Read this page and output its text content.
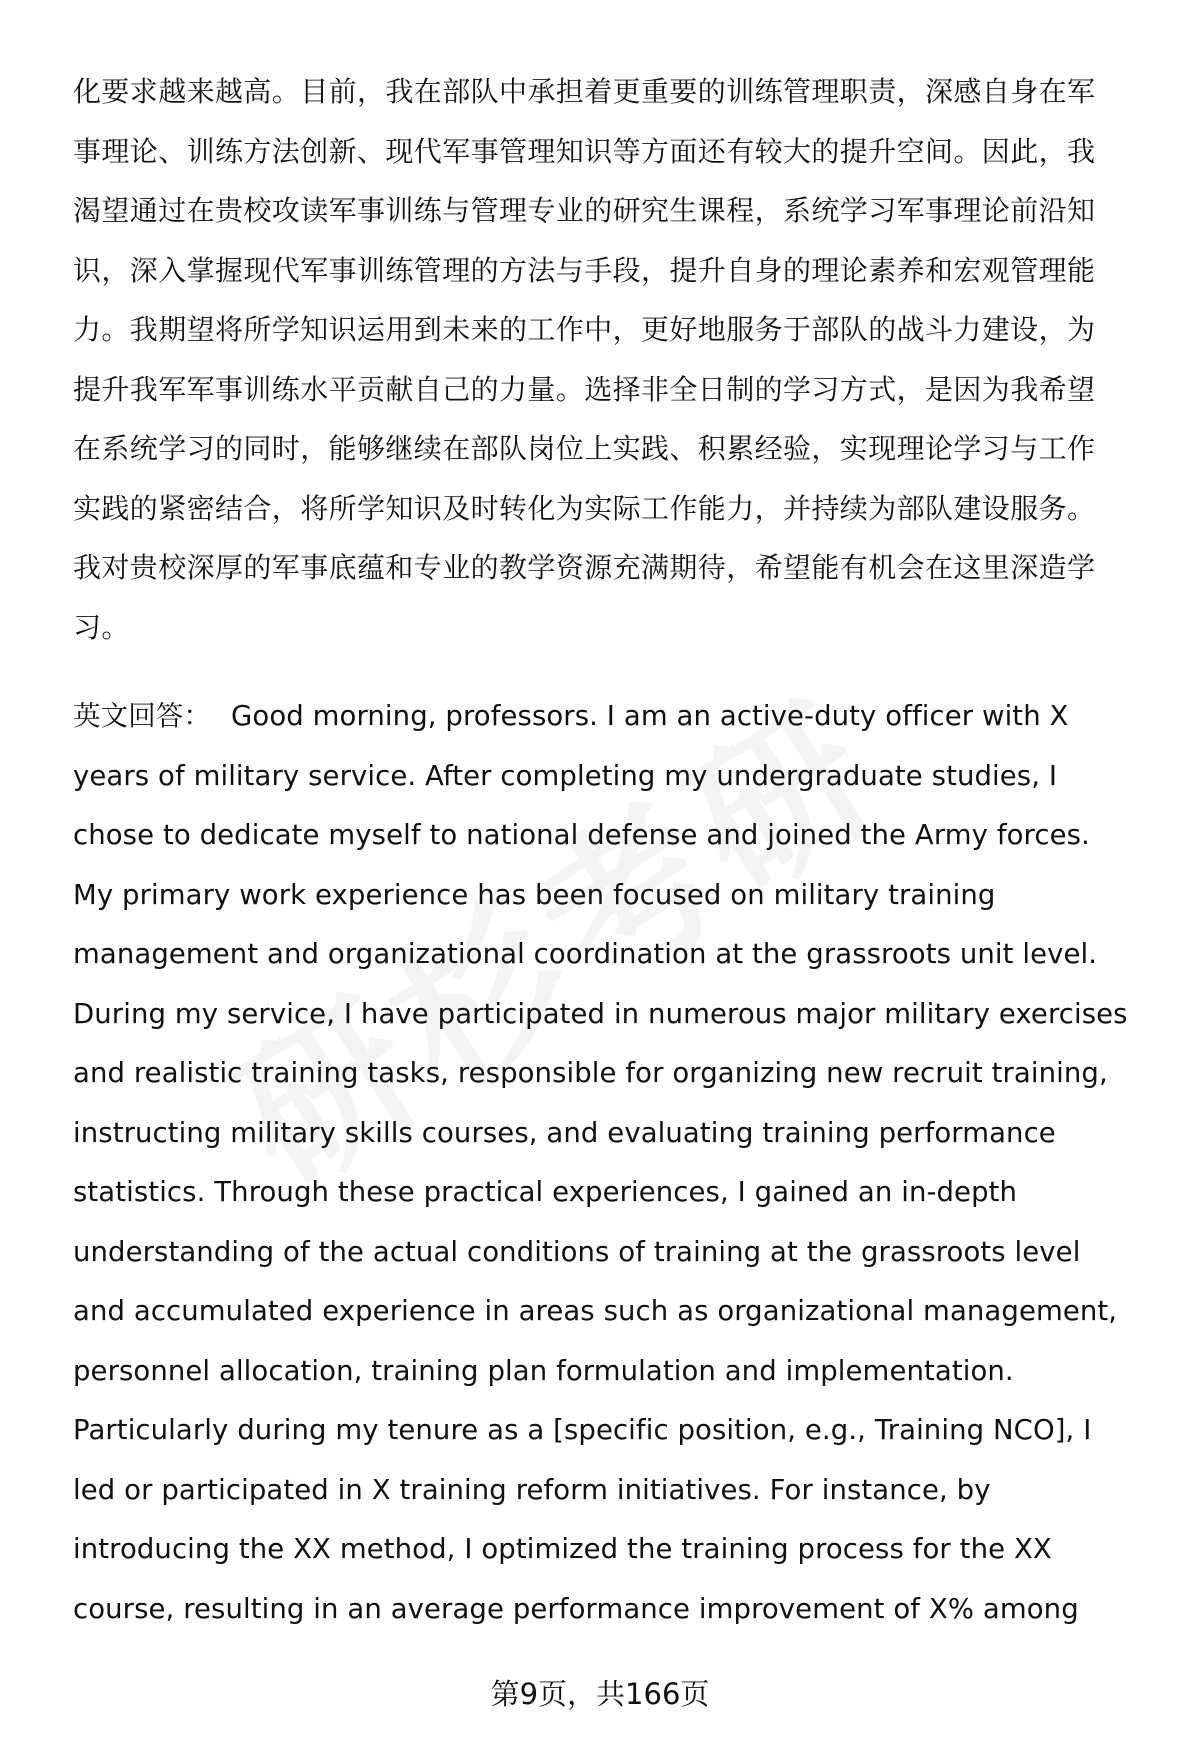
化要求越来越高。目前，我在部队中承担着更重要的训练管理职责，深感自身在军
事理论、训练方法创新、现代军事管理知识等方面还有较大的提升空间。因此，我
渴望通过在贵校攻读军事训练与管理专业的研究生课程，系统学习军事理论前沿知
识，深入掌握现代军事训练管理的方法与手段，提升自身的理论素养和宏观管理能
力。我期望将所学知识运用到未来的工作中，更好地服务于部队的战斗力建设，为
提升我军军事训练水平贡献自己的力量。选择非全日制的学习方式，是因为我希望
在系统学习的同时，能够继续在部队岗位上实践、积累经验，实现理论学习与工作
实践的紧密结合，将所学知识及时转化为实际工作能力，并持续为部队建设服务。
我对贵校深厚的军事底蕴和专业的教学资源充满期待，希望能有机会在这里深造学
习。
英文回答： Good morning, professors. I am an active-duty officer with X
years of military service. After completing my undergraduate studies, I
chose to dedicate myself to national defense and joined the Army forces.
My primary work experience has been focused on military training
management and organizational coordination at the grassroots unit level.
During my service, I have participated in numerous major military exercises
and realistic training tasks, responsible for organizing new recruit training,
instructing military skills courses, and evaluating training performance
statistics. Through these practical experiences, I gained an in-depth
understanding of the actual conditions of training at the grassroots level
and accumulated experience in areas such as organizational management,
personnel allocation, training plan formulation and implementation.
Particularly during my tenure as a [specific position, e.g., Training NCO], I
led or participated in X training reform initiatives. For instance, by
introducing the XX method, I optimized the training process for the XX
course, resulting in an average performance improvement of X% among
第9页，共166页
